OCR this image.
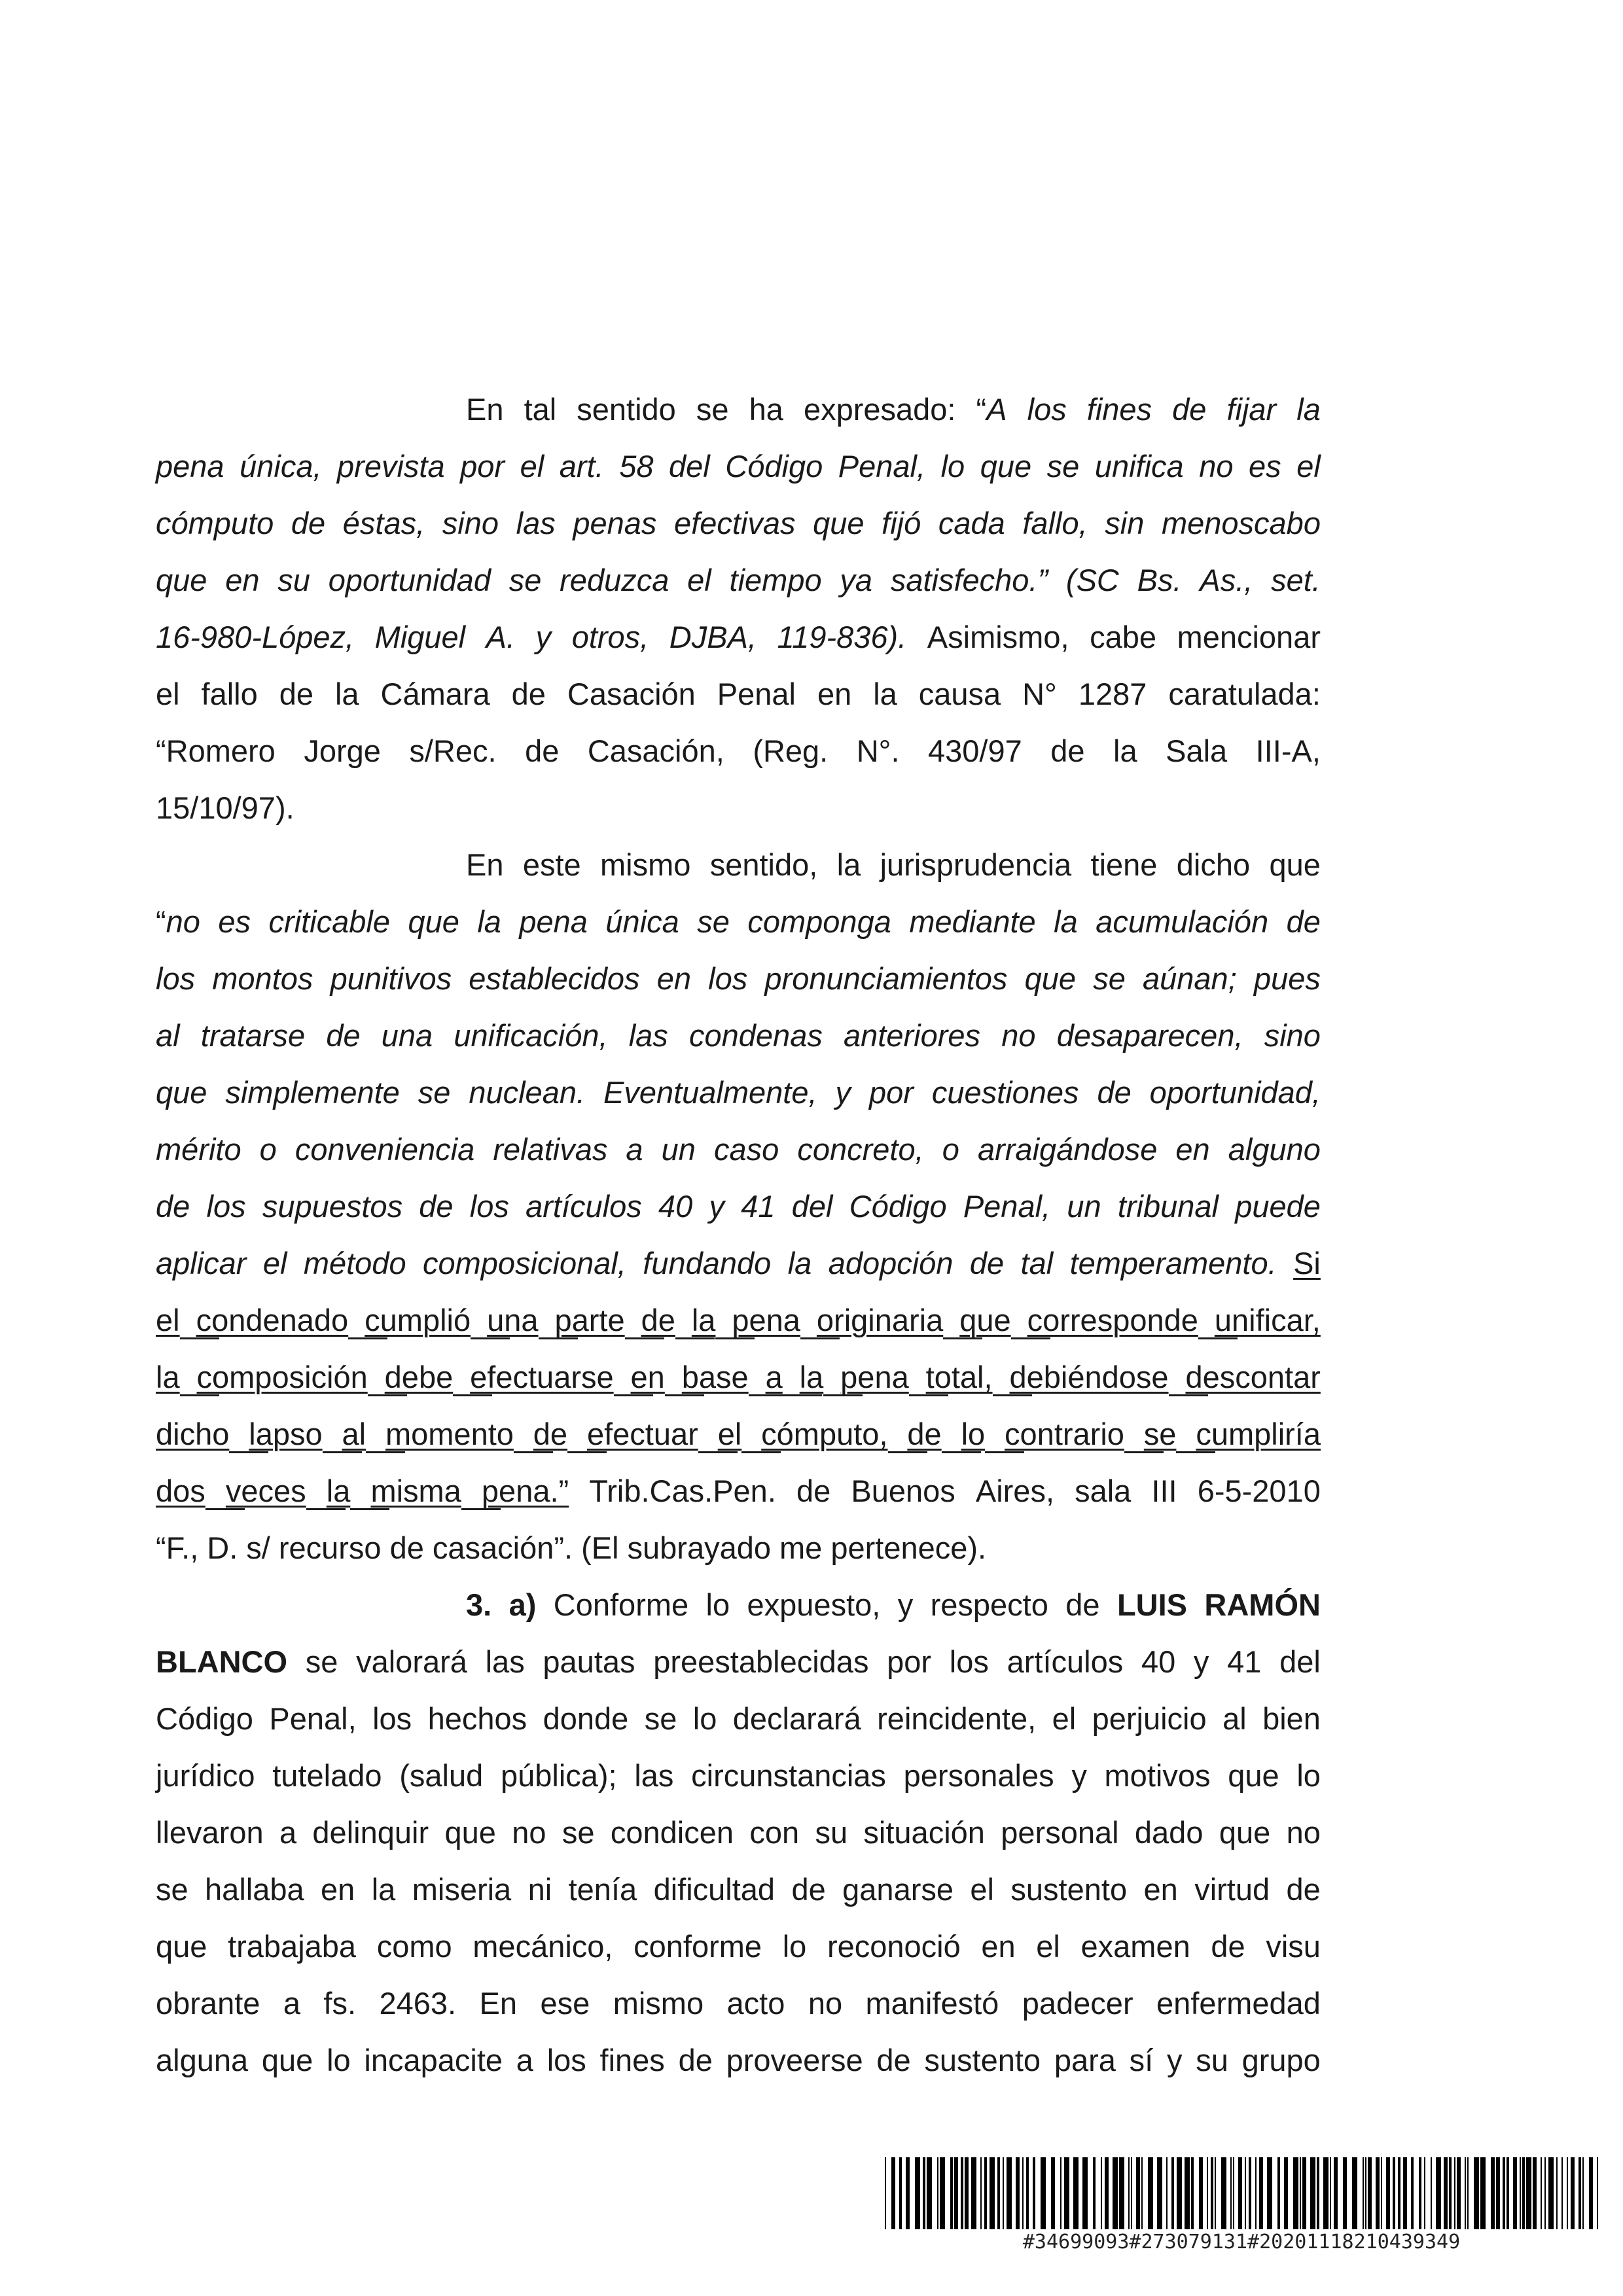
En tal sentido se ha expresado: “A los fines de fijar la
pena única, prevista por el art. 58 del Código Penal, lo que se unifica no es el
cómputo de éstas, sino las penas efectivas que fijó cada fallo, sin menoscabo
que en su oportunidad se reduzca el tiempo ya satisfecho.” (SC Bs. As., set.
16-980-López, Miguel A. y otros, DJBA, 119-836). Asimismo, cabe mencionar
el fallo de la Cámara de Casación Penal en la causa N° 1287 caratulada:
“Romero Jorge s/Rec. de Casación, (Reg. N°. 430/97 de la Sala III-A,
15/10/97).
En este mismo sentido, la jurisprudencia tiene dicho que
“no es criticable que la pena única se componga mediante la acumulación de
los montos punitivos establecidos en los pronunciamientos que se aúnan; pues
al tratarse de una unificación, las condenas anteriores no desaparecen, sino
que simplemente se nuclean. Eventualmente, y por cuestiones de oportunidad,
mérito o conveniencia relativas a un caso concreto, o arraigándose en alguno
de los supuestos de los artículos 40 y 41 del Código Penal, un tribunal puede
aplicar el método composicional, fundando la adopción de tal temperamento. Si
el condenado cumplió una parte de la pena originaria que corresponde unificar,
la composición debe efectuarse en base a la pena total, debiéndose descontar
dicho lapso al momento de efectuar el cómputo, de lo contrario se cumpliría
dos veces la misma pena.” Trib.Cas.Pen. de Buenos Aires, sala III 6-5-2010
“F., D. s/ recurso de casación”. (El subrayado me pertenece).
3. a) Conforme lo expuesto, y respecto de LUIS RAMÓN
BLANCO se valorará las pautas preestablecidas por los artículos 40 y 41 del
Código Penal, los hechos donde se lo declarará reincidente, el perjuicio al bien
jurídico tutelado (salud pública); las circunstancias personales y motivos que lo
llevaron a delinquir que no se condicen con su situación personal dado que no
se hallaba en la miseria ni tenía dificultad de ganarse el sustento en virtud de
que trabajaba como mecánico, conforme lo reconoció en el examen de visu
obrante a fs. 2463. En ese mismo acto no manifestó padecer enfermedad
alguna que lo incapacite a los fines de proveerse de sustento para sí y su grupo
#34699093#273079131#20201118210439349
